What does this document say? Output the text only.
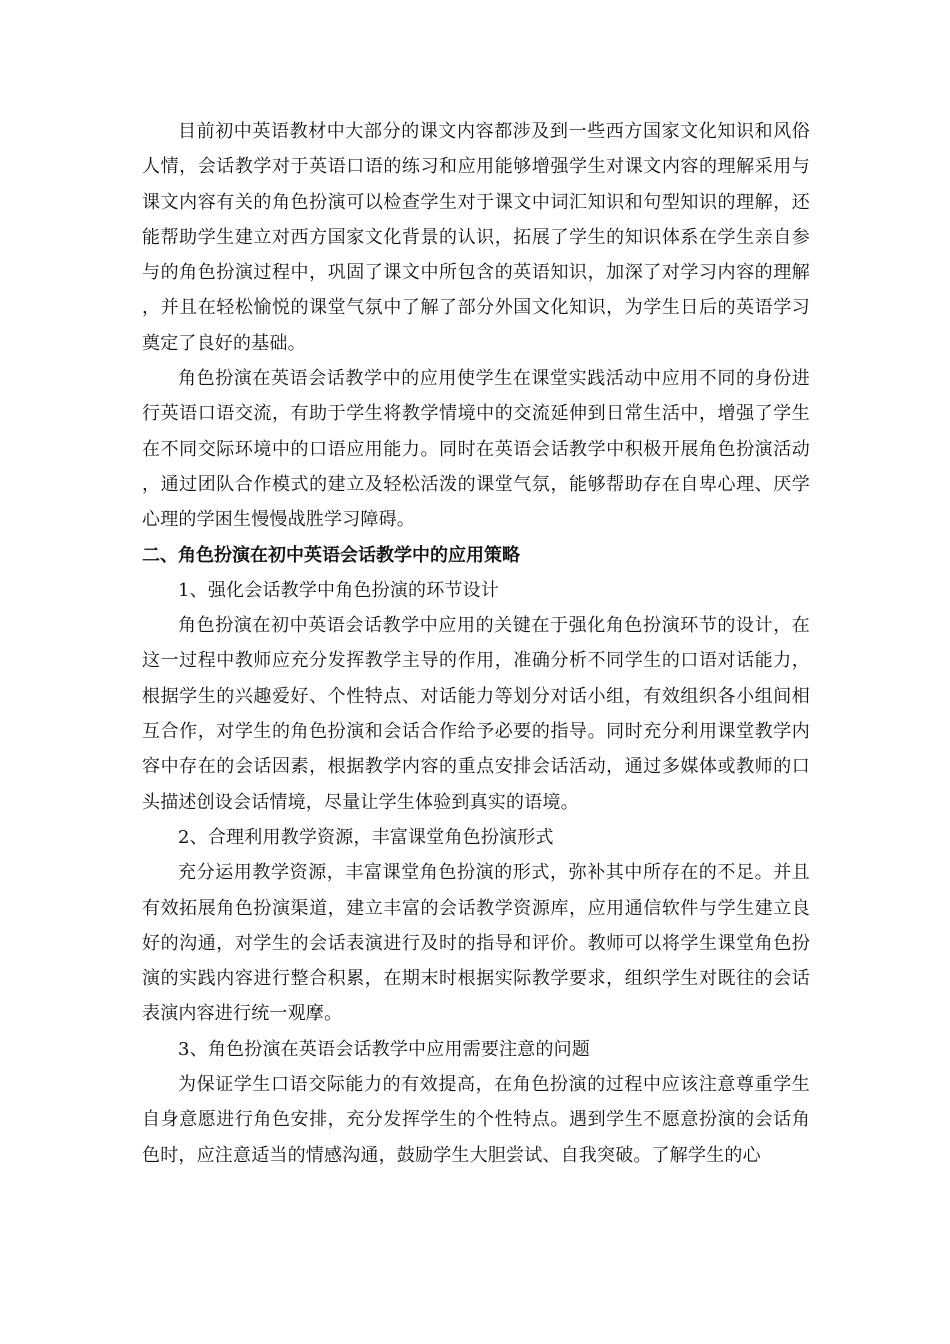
目前初中英语教材中大部分的课文内容都涉及到一些西方国家文化知识和风俗人情，会话教学对于英语口语的练习和应用能够增强学生对课文内容的理解采用与课文内容有关的角色扮演可以检查学生对于课文中词汇知识和句型知识的理解，还能帮助学生建立对西方国家文化背景的认识，拓展了学生的知识体系在学生亲自参与的角色扮演过程中，巩固了课文中所包含的英语知识，加深了对学习内容的理解，并且在轻松愉悦的课堂气氛中了解了部分外国文化知识，为学生日后的英语学习奠定了良好的基础。

角色扮演在英语会话教学中的应用使学生在课堂实践活动中应用不同的身份进行英语口语交流，有助于学生将教学情境中的交流延伸到日常生活中，增强了学生在不同交际环境中的口语应用能力。同时在英语会话教学中积极开展角色扮演活动，通过团队合作模式的建立及轻松活泼的课堂气氛，能够帮助存在自卑心理、厌学心理的学困生慢慢战胜学习障碍。

二、角色扮演在初中英语会话教学中的应用策略

1、强化会话教学中角色扮演的环节设计

角色扮演在初中英语会话教学中应用的关键在于强化角色扮演环节的设计，在这一过程中教师应充分发挥教学主导的作用，准确分析不同学生的口语对话能力，根据学生的兴趣爱好、个性特点、对话能力等划分对话小组，有效组织各小组间相互合作，对学生的角色扮演和会话合作给予必要的指导。同时充分利用课堂教学内容中存在的会话因素，根据教学内容的重点安排会话活动，通过多媒体或教师的口头描述创设会话情境，尽量让学生体验到真实的语境。

2、合理利用教学资源，丰富课堂角色扮演形式

充分运用教学资源，丰富课堂角色扮演的形式，弥补其中所存在的不足。并且有效拓展角色扮演渠道，建立丰富的会话教学资源库，应用通信软件与学生建立良好的沟通，对学生的会话表演进行及时的指导和评价。教师可以将学生课堂角色扮演的实践内容进行整合积累，在期末时根据实际教学要求，组织学生对既往的会话表演内容进行统一观摩。

3、角色扮演在英语会话教学中应用需要注意的问题

为保证学生口语交际能力的有效提高，在角色扮演的过程中应该注意尊重学生自身意愿进行角色安排，充分发挥学生的个性特点。遇到学生不愿意扮演的会话角色时，应注意适当的情感沟通，鼓励学生大胆尝试、自我突破。了解学生的心
